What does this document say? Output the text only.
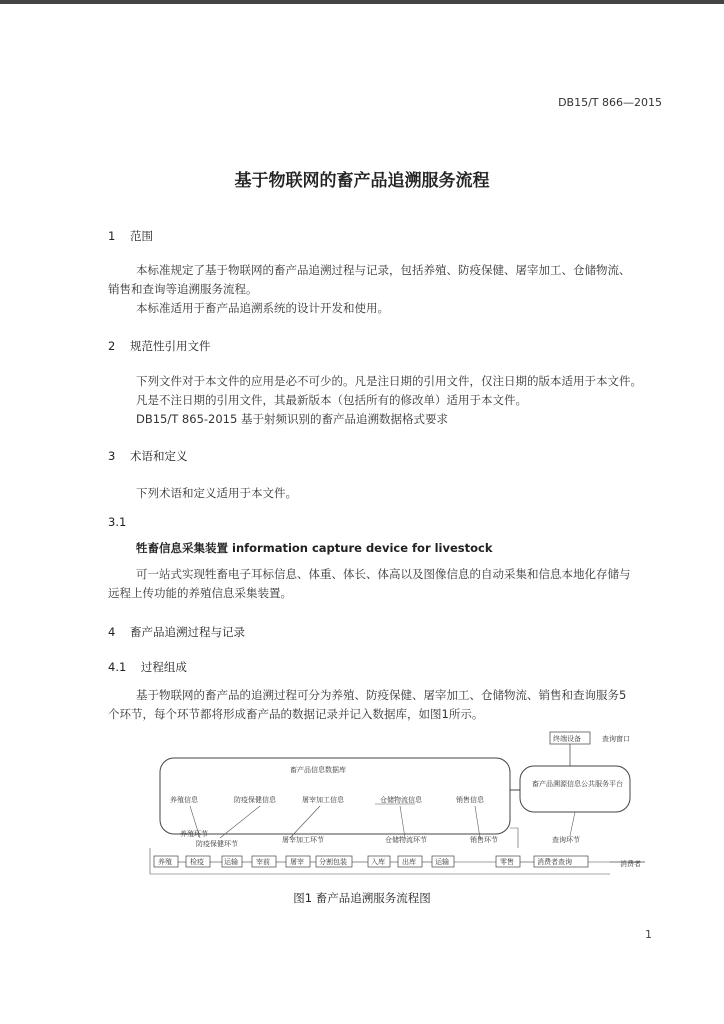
DB15/T 866—2015
基于物联网的畜产品追溯服务流程
1 范围
本标准规定了基于物联网的畜产品追溯过程与记录，包括养殖、防疫保健、屠宰加工、仓储物流、
销售和查询等追溯服务流程。
本标准适用于畜产品追溯系统的设计开发和使用。
2 规范性引用文件
下列文件对于本文件的应用是必不可少的。凡是注日期的引用文件，仅注日期的版本适用于本文件。
凡是不注日期的引用文件，其最新版本（包括所有的修改单）适用于本文件。
DB15/T 865-2015 基于射频识别的畜产品追溯数据格式要求
3 术语和定义
下列术语和定义适用于本文件。
3.1
牲畜信息采集装置 information capture device for livestock
可一站式实现牲畜电子耳标信息、体重、体长、体高以及图像信息的自动采集和信息本地化存储与
远程上传功能的养殖信息采集装置。
4 畜产品追溯过程与记录
4.1 过程组成
基于物联网的畜产品的追溯过程可分为养殖、防疫保健、屠宰加工、仓储物流、销售和查询服务5
个环节，每个环节都将形成畜产品的数据记录并记入数据库，如图1所示。
畜产品信息数据库
终端设备	查询窗口
畜产品溯源信息公共服务平台
养殖信息	防疫保健信息	屠宰加工信息	仓储物流信息	销售信息
养殖环节
防疫保健环节	屠宰加工环节	仓储物流环节	销售环节	查询环节
养殖	检疫	运输	宰前	屠宰 分割包装	入库 出库	运输	零售	消费者查询	消费者
图1 畜产品追溯服务流程图
1
